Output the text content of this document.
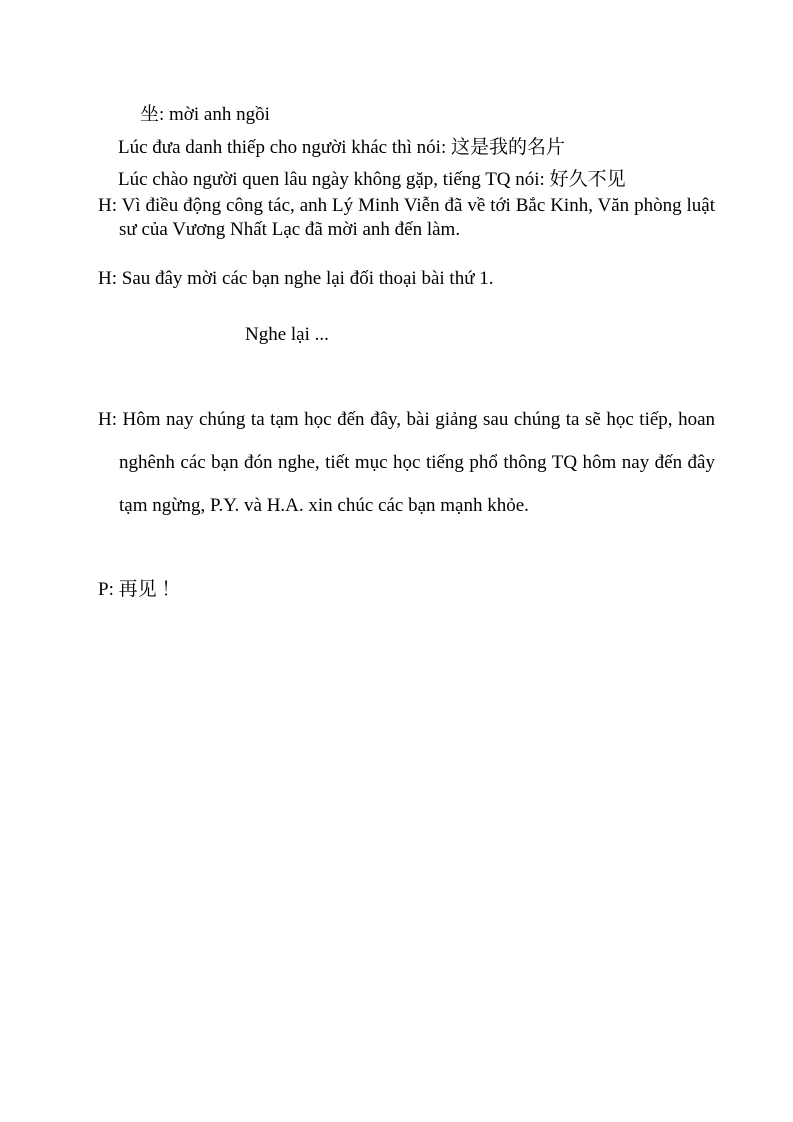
坐: mời anh ngồi
Lúc đưa danh thiếp cho người khác thì nói: 这是我的名片
Lúc chào người quen lâu ngày không gặp, tiếng TQ nói: 好久不见
H: Vì điều động công tác, anh Lý Minh Viễn đã về tới Bắc Kinh, Văn phòng luật sư của Vương Nhất Lạc đã mời anh đến làm.
H: Sau đây mời các bạn nghe lại đối thoại bài thứ 1.
Nghe lại ...
H: Hôm nay chúng ta tạm học đến đây, bài giảng sau chúng ta sẽ học tiếp, hoan nghênh các bạn đón nghe, tiết mục học tiếng phổ thông TQ hôm nay đến đây tạm ngừng, P.Y. và H.A. xin chúc các bạn mạnh khỏe.
P: 再见 ！
